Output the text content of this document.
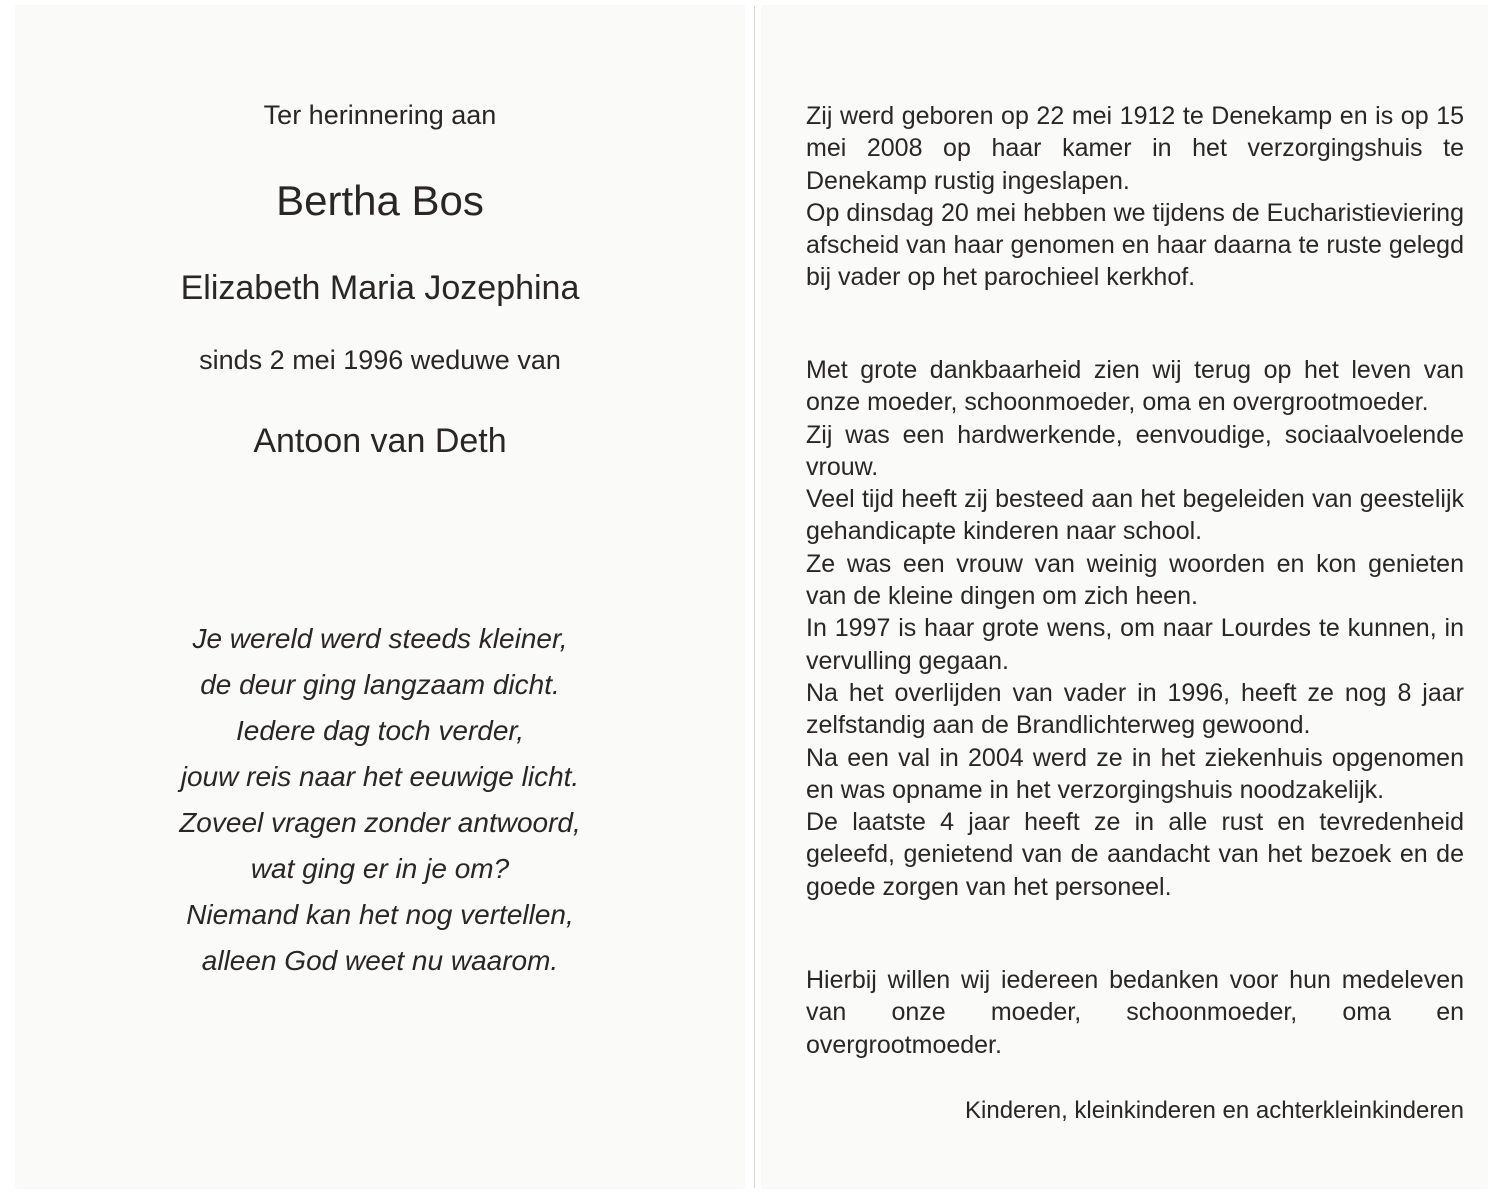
Ter herinnering aan
Bertha Bos
Elizabeth Maria Jozephina
sinds 2 mei 1996 weduwe van
Antoon van Deth
Je wereld werd steeds kleiner,
de deur ging langzaam dicht.
Iedere dag toch verder,
jouw reis naar het eeuwige licht.
Zoveel vragen zonder antwoord,
wat ging er in je om?
Niemand kan het nog vertellen,
alleen God weet nu waarom.

Zij werd geboren op 22 mei 1912 te Denekamp en is op 15 mei 2008 op haar kamer in het verzorgingshuis te Denekamp rustig ingeslapen.

Op dinsdag 20 mei hebben we tijdens de Eucharistieviering afscheid van haar genomen en haar daarna te ruste gelegd bij vader op het parochieel kerkhof.

Met grote dankbaarheid zien wij terug op het leven van onze moeder, schoonmoeder, oma en overgrootmoeder.

Zij was een hardwerkende, eenvoudige, sociaalvoelende vrouw.

Veel tijd heeft zij besteed aan het begeleiden van geestelijk gehandicapte kinderen naar school.

Ze was een vrouw van weinig woorden en kon genieten van de kleine dingen om zich heen.

In 1997 is haar grote wens, om naar Lourdes te kunnen, in vervulling gegaan.

Na het overlijden van vader in 1996, heeft ze nog 8 jaar zelfstandig aan de Brandlichterweg gewoond.

Na een val in 2004 werd ze in het ziekenhuis opgenomen en was opname in het verzorgingshuis noodzakelijk.

De laatste 4 jaar heeft ze in alle rust en tevredenheid geleefd, genietend van de aandacht van het bezoek en de goede zorgen van het personeel.

Hierbij willen wij iedereen bedanken voor hun medeleven van onze moeder, schoonmoeder, oma en overgrootmoeder.

Kinderen, kleinkinderen en achterkleinkinderen
